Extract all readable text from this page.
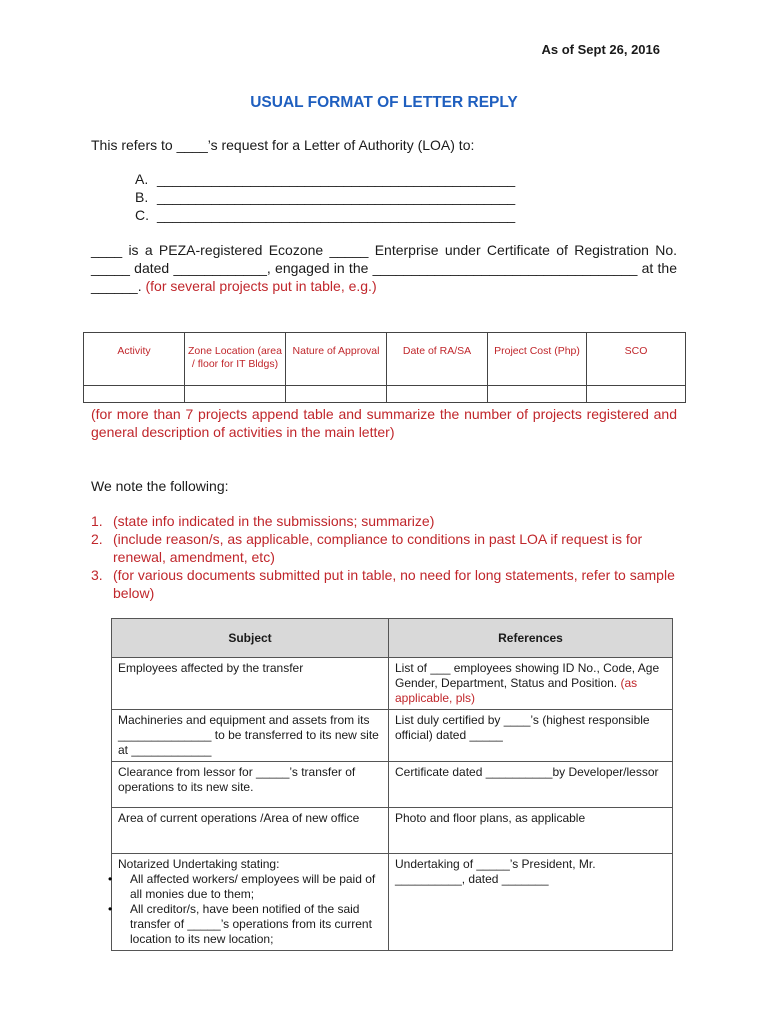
As of Sept 26, 2016
USUAL FORMAT OF LETTER REPLY
This refers to ____’s request for a Letter of Authority (LOA) to:
A. ______________________________________________
B. ______________________________________________
C. ______________________________________________
____ is a PEZA-registered Ecozone _____ Enterprise under Certificate of Registration No. _____ dated ____________, engaged in the __________________________________ at the ______. (for several projects put in table, e.g.)
Activity	Zone Location (area / floor for IT Bldgs)	Nature of Approval	Date of RA/SA	Project Cost (Php)	SCO

(for more than 7 projects append table and summarize the number of projects registered and general description of activities in the main letter)
We note the following:
1. (state info indicated in the submissions; summarize)
2. (include reason/s, as applicable, compliance to conditions in past LOA if request is for renewal, amendment, etc)
3. (for various documents submitted put in table, no need for long statements, refer to sample below)
Subject	References
Employees affected by the transfer	List of ___ employees showing ID No., Code, Age Gender, Department, Status and Position. (as applicable, pls)
Machineries and equipment and assets from its ______________ to be transferred to its new site at ____________	List duly certified by ____’s (highest responsible official) dated _____
Clearance from lessor for _____’s transfer of operations to its new site.	Certificate dated __________by Developer/lessor
Area of current operations /Area of new office	Photo and floor plans, as applicable

Notarized Undertaking stating:
• All affected workers/ employees will be paid of all monies due to them;
• All creditor/s, have been notified of the said transfer of _____’s operations from its current location to its new location;	Undertaking of _____’s President, Mr. __________, dated _______
